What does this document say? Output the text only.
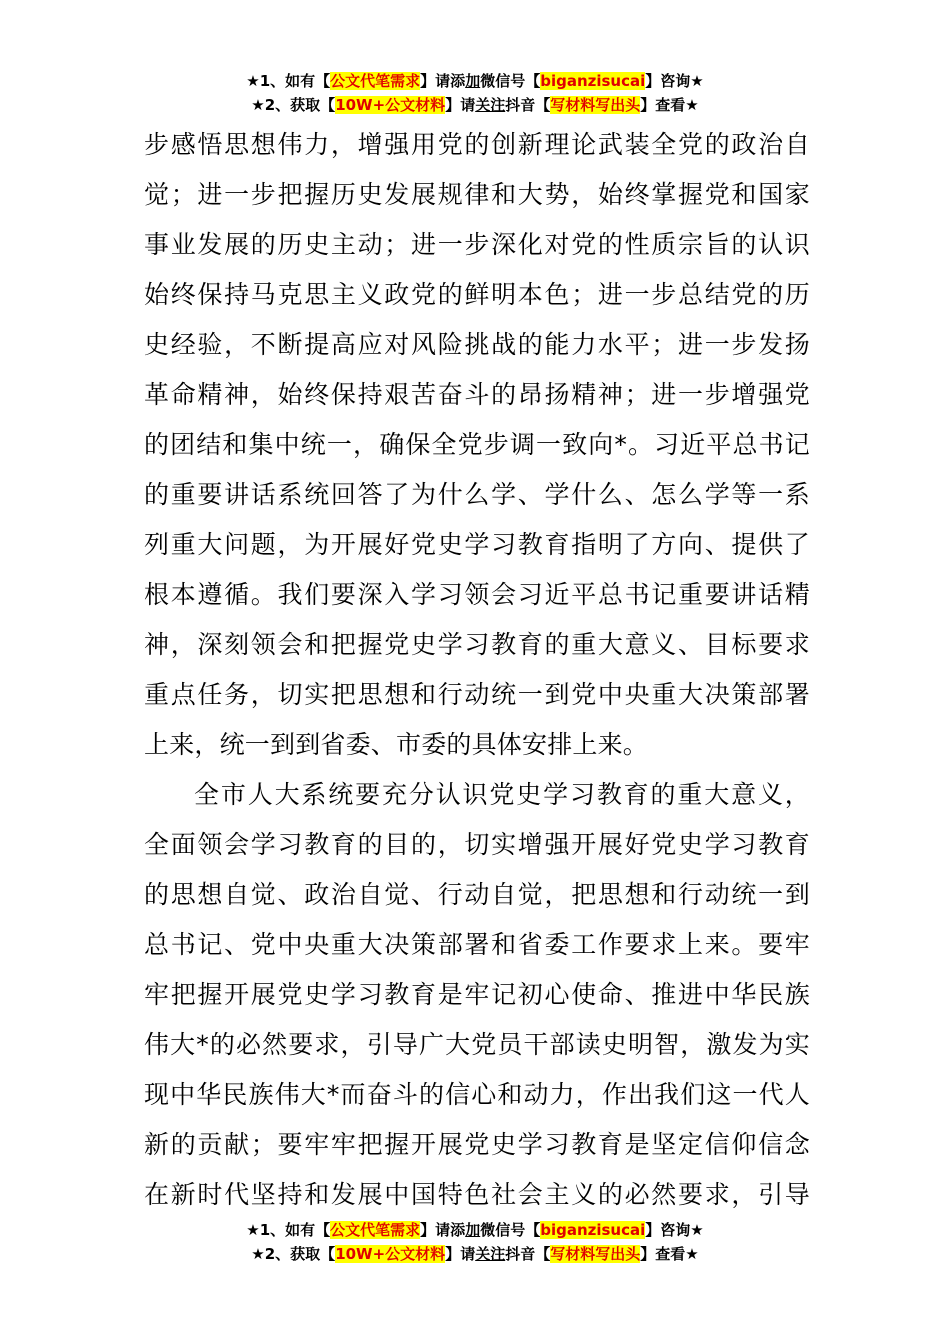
★1、如有【公文代笔需求】请添加微信号【biganzisucai】咨询★
★2、获取【10W+公文材料】请关注抖音【写材料写出头】查看★

步感悟思想伟力，增强用党的创新理论武装全党的政治自
觉；进一步把握历史发展规律和大势，始终掌握党和国家
事业发展的历史主动；进一步深化对党的性质宗旨的认识
始终保持马克思主义政党的鲜明本色；进一步总结党的历
史经验，不断提高应对风险挑战的能力水平；进一步发扬
革命精神，始终保持艰苦奋斗的昂扬精神；进一步增强党
的团结和集中统一，确保全党步调一致向*。习近平总书记
的重要讲话系统回答了为什么学、学什么、怎么学等一系
列重大问题，为开展好党史学习教育指明了方向、提供了
根本遵循。我们要深入学习领会习近平总书记重要讲话精
神，深刻领会和把握党史学习教育的重大意义、目标要求
重点任务，切实把思想和行动统一到党中央重大决策部署
上来，统一到到省委、市委的具体安排上来。

全市人大系统要充分认识党史学习教育的重大意义，
全面领会学习教育的目的，切实增强开展好党史学习教育
的思想自觉、政治自觉、行动自觉，把思想和行动统一到
总书记、党中央重大决策部署和省委工作要求上来。要牢
牢把握开展党史学习教育是牢记初心使命、推进中华民族
伟大*的必然要求，引导广大党员干部读史明智，激发为实
现中华民族伟大*而奋斗的信心和动力，作出我们这一代人
新的贡献；要牢牢把握开展党史学习教育是坚定信仰信念
在新时代坚持和发展中国特色社会主义的必然要求，引导

★1、如有【公文代笔需求】请添加微信号【biganzisucai】咨询★
★2、获取【10W+公文材料】请关注抖音【写材料写出头】查看★
